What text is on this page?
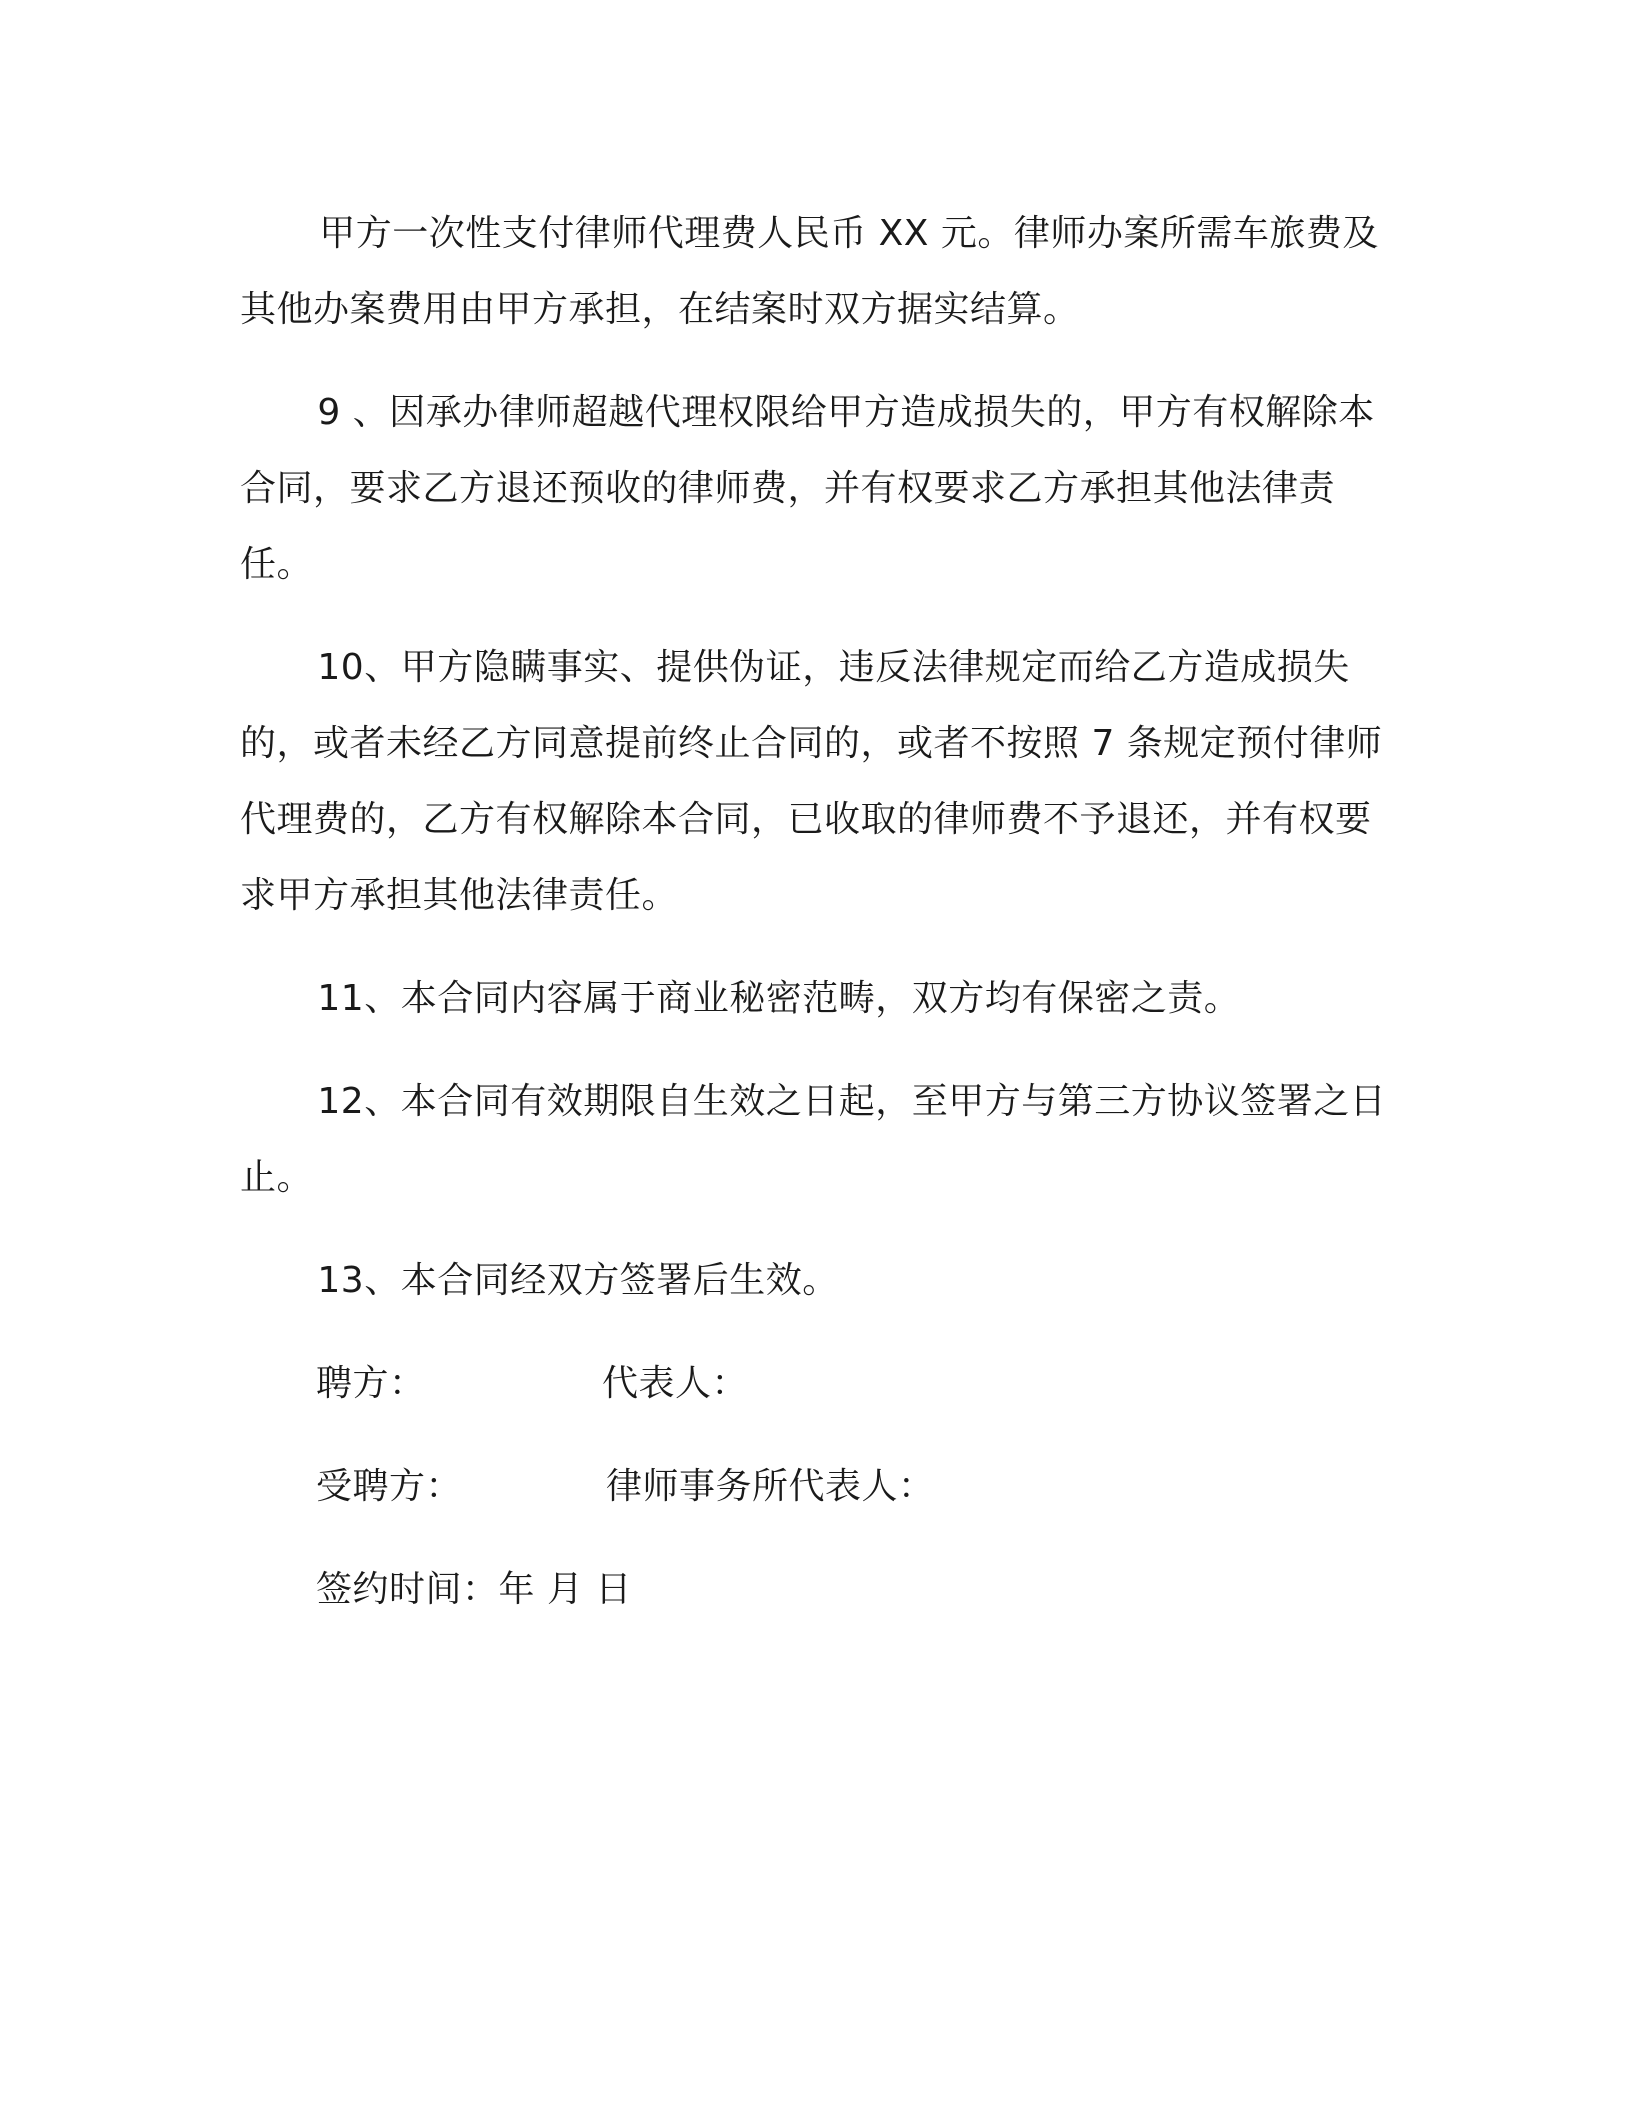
甲方一次性支付律师代理费人民币 XX 元。律师办案所需车旅费及其他办案费用由甲方承担，在结案时双方据实结算。

9 、因承办律师超越代理权限给甲方造成损失的，甲方有权解除本合同，要求乙方退还预收的律师费，并有权要求乙方承担其他法律责任。

10、甲方隐瞒事实、提供伪证，违反法律规定而给乙方造成损失的，或者未经乙方同意提前终止合同的，或者不按照 7 条规定预付律师代理费的，乙方有权解除本合同，已收取的律师费不予退还，并有权要求甲方承担其他法律责任。

11、本合同内容属于商业秘密范畴，双方均有保密之责。

12、本合同有效期限自生效之日起，至甲方与第三方协议签署之日止。

13、本合同经双方签署后生效。

聘方：	代表人：
受聘方：	律师事务所代表人：
签约时间：年 月 日
